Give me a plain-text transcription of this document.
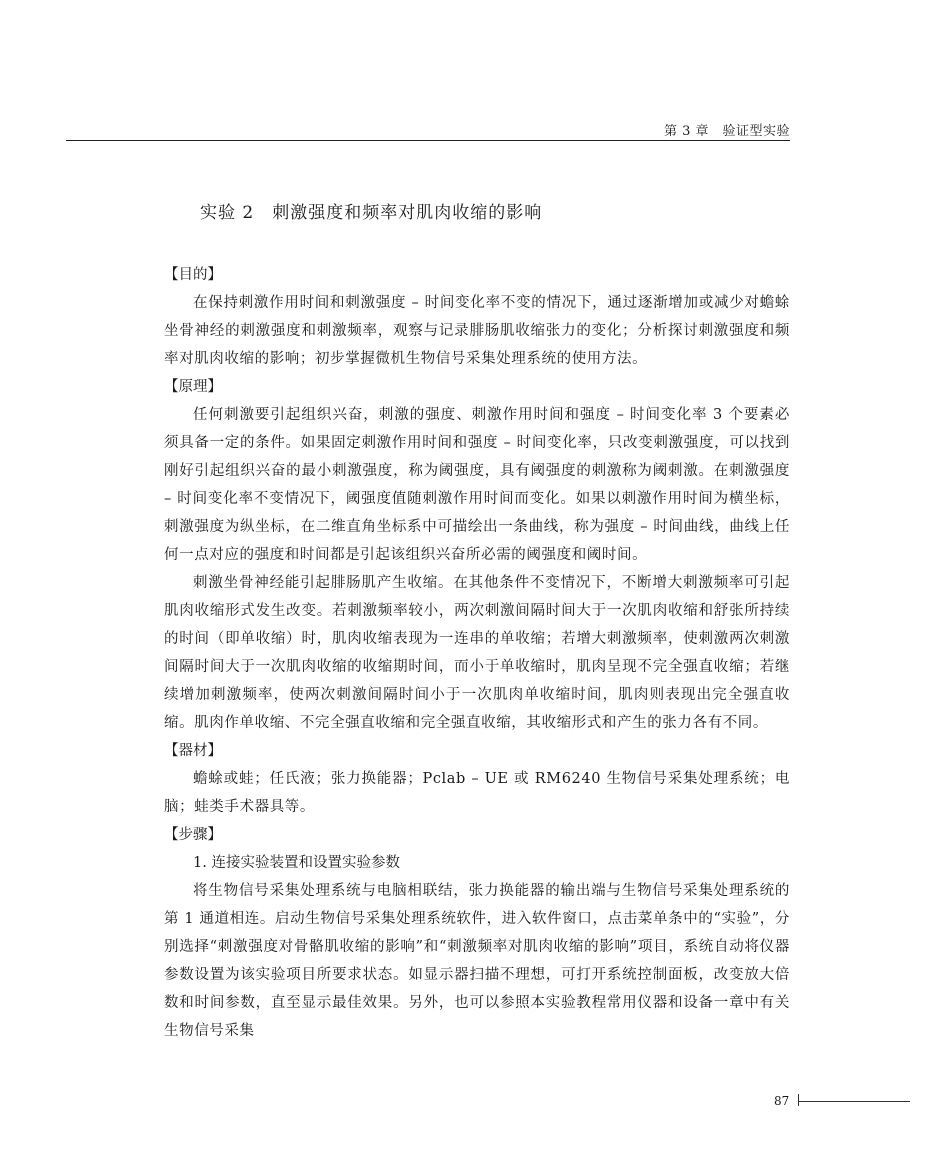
第 3 章　验证型实验
实验 2　刺激强度和频率对肌肉收缩的影响

【目的】

在保持刺激作用时间和刺激强度 – 时间变化率不变的情况下，通过逐渐增加或减少对蟾蜍坐骨神经的刺激强度和刺激频率，观察与记录腓肠肌收缩张力的变化；分析探讨刺激强度和频率对肌肉收缩的影响；初步掌握微机生物信号采集处理系统的使用方法。

【原理】

任何刺激要引起组织兴奋，刺激的强度、刺激作用时间和强度 – 时间变化率 3 个要素必须具备一定的条件。如果固定刺激作用时间和强度 – 时间变化率，只改变刺激强度，可以找到刚好引起组织兴奋的最小刺激强度，称为阈强度，具有阈强度的刺激称为阈刺激。在刺激强度 – 时间变化率不变情况下，阈强度值随刺激作用时间而变化。如果以刺激作用时间为横坐标，刺激强度为纵坐标，在二维直角坐标系中可描绘出一条曲线，称为强度 – 时间曲线，曲线上任何一点对应的强度和时间都是引起该组织兴奋所必需的阈强度和阈时间。

刺激坐骨神经能引起腓肠肌产生收缩。在其他条件不变情况下，不断增大刺激频率可引起肌肉收缩形式发生改变。若刺激频率较小，两次刺激间隔时间大于一次肌肉收缩和舒张所持续的时间（即单收缩）时，肌肉收缩表现为一连串的单收缩；若增大刺激频率，使刺激两次刺激间隔时间大于一次肌肉收缩的收缩期时间，而小于单收缩时，肌肉呈现不完全强直收缩；若继续增加刺激频率，使两次刺激间隔时间小于一次肌肉单收缩时间，肌肉则表现出完全强直收缩。肌肉作单收缩、不完全强直收缩和完全强直收缩，其收缩形式和产生的张力各有不同。

【器材】

蟾蜍或蛙；任氏液；张力换能器；Pclab – UE 或 RM6240 生物信号采集处理系统；电脑；蛙类手术器具等。

【步骤】

1. 连接实验装置和设置实验参数

将生物信号采集处理系统与电脑相联结，张力换能器的输出端与生物信号采集处理系统的第 1 通道相连。启动生物信号采集处理系统软件，进入软件窗口，点击菜单条中的“实验”，分别选择“刺激强度对骨骼肌收缩的影响”和“刺激频率对肌肉收缩的影响”项目，系统自动将仪器参数设置为该实验项目所要求状态。如显示器扫描不理想，可打开系统控制面板，改变放大倍数和时间参数，直至显示最佳效果。另外，也可以参照本实验教程常用仪器和设备一章中有关生物信号采集

87
